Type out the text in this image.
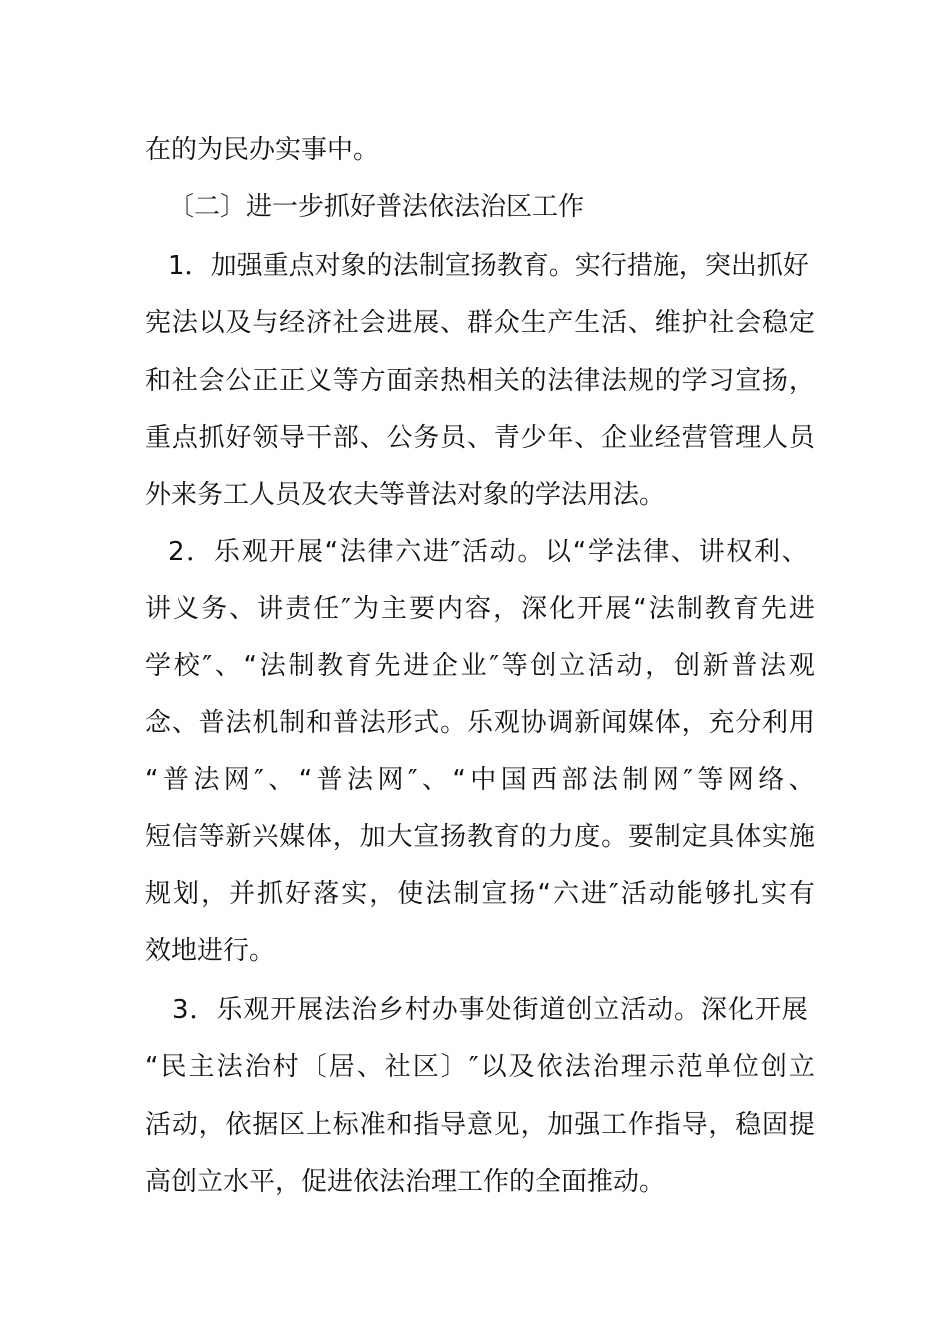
在的为民办实事中。
〔二〕进一步抓好普法依法治区工作
1 ． 加 强 重 点 对 象 的 法 制 宣 扬 教 育 。 实 行 措 施 ， 突 出 抓 好
宪 法 以 及 与 经 济 社 会 进 展 、 群 众 生 产 生 活 、 维 护 社 会 稳 定
和 社 会 公 正 正 义 等 方 面 亲 热 相 关 的 法 律 法 规 的 学 习 宣 扬 ，
重 点 抓 好 领 导 干 部 、 公 务 员 、 青 少 年 、 企 业 经 营 管 理 人 员
外来务工人员及农夫等普法对象的学法用法。
2 ． 乐 观 开 展 “ 法 律 六 进 ″ 活 动 。 以 “ 学 法 律 、 讲 权 利 、
讲 义 务 、 讲 责 任 ″ 为 主 要 内 容 ， 深 化 开 展 “ 法 制 教 育 先 进
学 校 ″ 、 “ 法 制 教 育 先 进 企 业 ″ 等 创 立 活 动 ， 创 新 普 法 观
念 、 普 法 机 制 和 普 法 形 式 。 乐 观 协 调 新 闻 媒 体 ， 充 分 利 用
“ 普 法 网 ″ 、 “ 普 法 网 ″ 、 “ 中 国 西 部 法 制 网 ″ 等 网 络 、
短 信 等 新 兴 媒 体 ， 加 大 宣 扬 教 育 的 力 度 。 要 制 定 具 体 实 施
规 划 ， 并 抓 好 落 实 ， 使 法 制 宣 扬 “ 六 进 ″ 活 动 能 够 扎 实 有
效地进行。
3 ． 乐 观 开 展 法 治 乡 村 办 事 处 街 道 创 立 活 动 。 深 化 开 展
“ 民 主 法 治 村 〔 居 、 社 区 〕 ″ 以 及 依 法 治 理 示 范 单 位 创 立
活 动 ， 依 据 区 上 标 准 和 指 导 意 见 ， 加 强 工 作 指 导 ， 稳 固 提
高创立水平，促进依法治理工作的全面推动。
